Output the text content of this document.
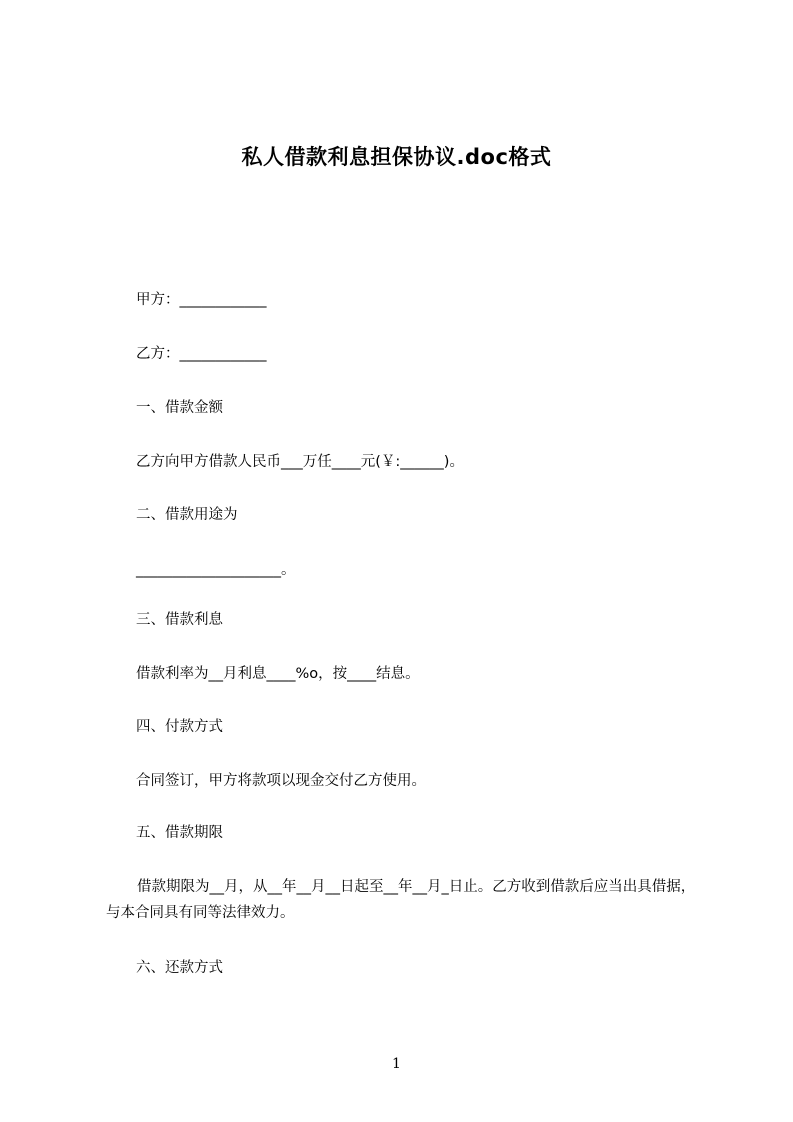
私人借款利息担保协议.doc格式
甲方：____________
乙方：____________
一、借款金额
乙方向甲方借款人民币___万任____元(￥:______)。
二、借款用途为
____________________。
三、借款利息
借款利率为__月利息____%o，按____结息。
四、付款方式
合同签订，甲方将款项以现金交付乙方使用。
五、借款期限
借款期限为__月，从__年__月__日起至__年__月_日止。乙方收到借款后应当出具借据，与本合同具有同等法律效力。
六、还款方式
1
